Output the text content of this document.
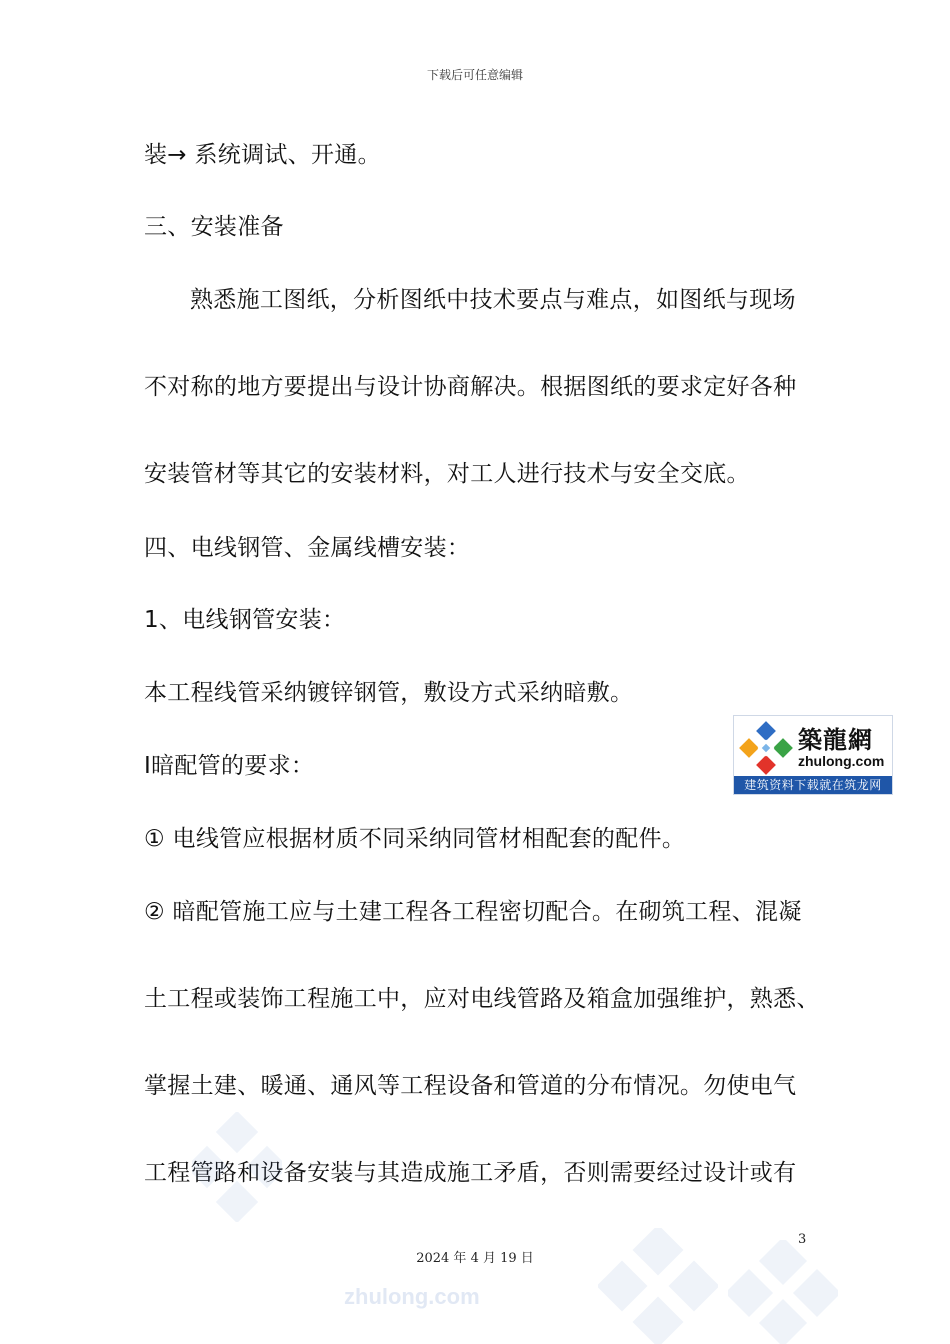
下载后可任意编辑
装→ 系统调试、开通。
三、安装准备
熟悉施工图纸，分析图纸中技术要点与难点，如图纸与现场
不对称的地方要提出与设计协商解决。根据图纸的要求定好各种
安装管材等其它的安装材料，对工人进行技术与安全交底。
四、电线钢管、金属线槽安装：
1、电线钢管安装：
本工程线管采纳镀锌钢管，敷设方式采纳暗敷。
Ⅰ暗配管的要求：
① 电线管应根据材质不同采纳同管材相配套的配件。
② 暗配管施工应与土建工程各工程密切配合。在砌筑工程、混凝
土工程或装饰工程施工中，应对电线管路及箱盒加强维护，熟悉、
掌握土建、暖通、通风等工程设备和管道的分布情况。勿使电气
工程管路和设备安装与其造成施工矛盾，否则需要经过设计或有
築龍網
zhulong.com
建筑资料下载就在筑龙网
zhulong.com
3
2024 年 4 月 19 日
